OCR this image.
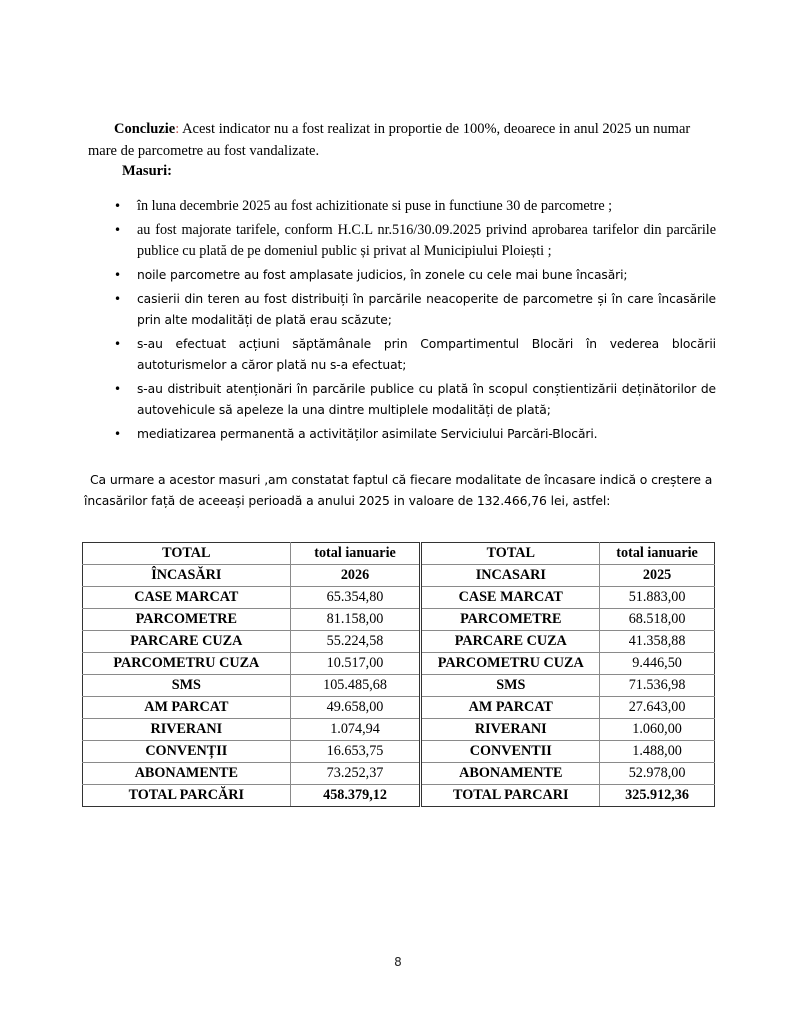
Concluzie: Acest indicator nu a fost realizat in proportie de 100%, deoarece in anul 2025 un numar mare de parcometre au fost vandalizate.
Masuri:
• în luna decembrie 2025 au fost achizitionate si puse in functiune 30 de parcometre ;
• au fost majorate tarifele, conform H.C.L nr.516/30.09.2025 privind aprobarea tarifelor din parcările publice cu plată de pe domeniul public și privat al Municipiului Ploiești ;
• noile parcometre au fost amplasate judicios, în zonele cu cele mai bune încasări;
• casierii din teren au fost distribuiți în parcările neacoperite de parcometre și în care încasările prin alte modalități de plată erau scăzute;
• s-au efectuat acțiuni săptămânale prin Compartimentul Blocări în vederea blocării autoturismelor a căror plată nu s-a efectuat;
• s-au distribuit atenționări în parcările publice cu plată în scopul conștientizării deținătorilor de autovehicule să apeleze la una dintre multiplele modalități de plată;
• mediatizarea permanentă a activităților asimilate Serviciului Parcări-Blocări.
Ca urmare a acestor masuri ,am constatat faptul că fiecare modalitate de încasare indică o creștere a încasărilor față de aceeași perioadă a anului 2025 in valoare de 132.466,76 lei, astfel:
TOTAL	total ianuarie	TOTAL	total ianuarie
ÎNCASĂRI	2026	INCASARI	2025
CASE MARCAT	65.354,80	CASE MARCAT	51.883,00
PARCOMETRE	81.158,00	PARCOMETRE	68.518,00
PARCARE CUZA	55.224,58	PARCARE CUZA	41.358,88
PARCOMETRU CUZA	10.517,00	PARCOMETRU CUZA	9.446,50
SMS	105.485,68	SMS	71.536,98
AM PARCAT	49.658,00	AM PARCAT	27.643,00
RIVERANI	1.074,94	RIVERANI	1.060,00
CONVENȚII	16.653,75	CONVENTII	1.488,00
ABONAMENTE	73.252,37	ABONAMENTE	52.978,00
TOTAL PARCĂRI	458.379,12	TOTAL PARCARI	325.912,36
8
